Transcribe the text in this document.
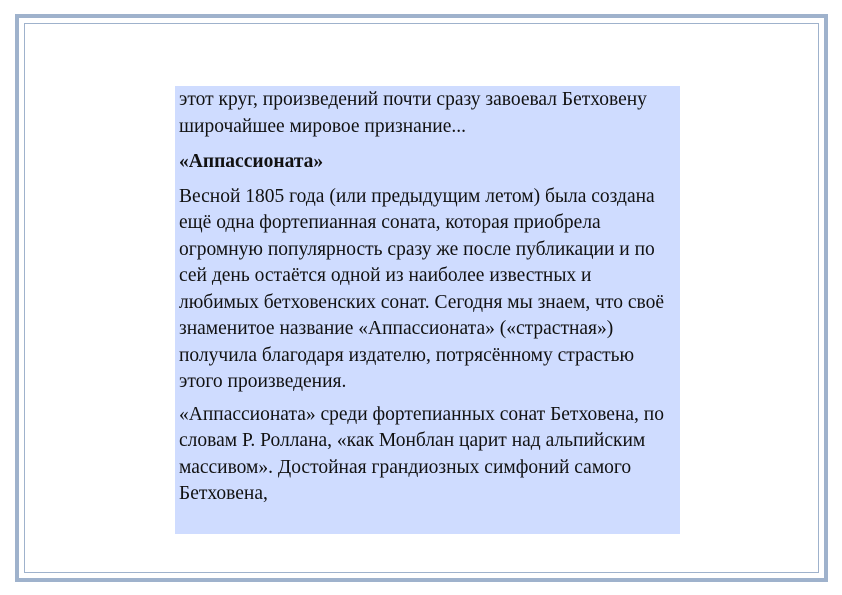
этот круг, произведений почти сразу завоевал Бетховену широчайшее мировое признание...

«Аппассионата»

Весной 1805 года (или предыдущим летом) была создана ещё одна фортепианная соната, которая приобрела огромную популярность сразу же после публикации и по сей день остаётся одной из наиболее известных и любимых бетховенских сонат. Сегодня мы знаем, что своё знаменитое название «Аппассионата» («страстная») получила благодаря издателю, потрясённому страстью этого произведения.

«Аппассионата» среди фортепианных сонат Бетховена, по словам Р. Роллана, «как Монблан царит над альпийским массивом». Достойная грандиозных симфоний самого Бетховена,
